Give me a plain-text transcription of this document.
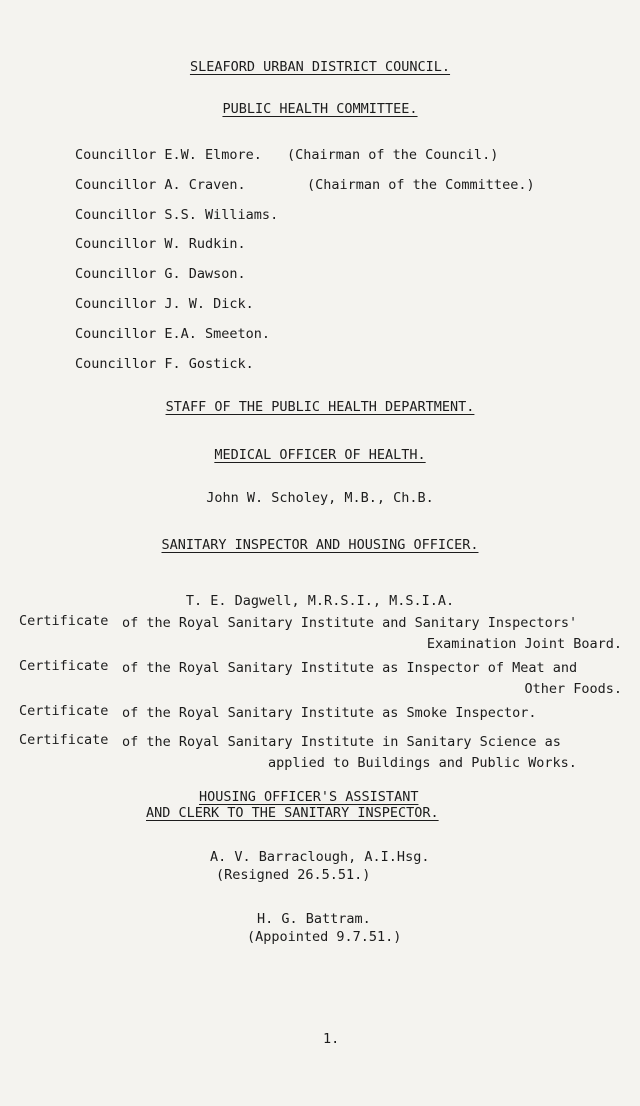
SLEAFORD URBAN DISTRICT COUNCIL.
PUBLIC HEALTH COMMITTEE.
Councillor E.W. Elmore. (Chairman of the Council.)
Councillor A. Craven.	(Chairman of the Committee.)
Councillor S.S. Williams.
Councillor W. Rudkin.
Councillor G. Dawson.
Councillor J. W. Dick.
Councillor E.A. Smeeton.
Councillor F. Gostick.
STAFF OF THE PUBLIC HEALTH DEPARTMENT.
MEDICAL OFFICER OF HEALTH.
John W. Scholey, M.B., Ch.B.
SANITARY INSPECTOR AND HOUSING OFFICER.
T. E. Dagwell, M.R.S.I., M.S.I.A.
Certificate of the Royal Sanitary Institute and Sanitary Inspectors'
Examination Joint Board.
Certificate of the Royal Sanitary Institute as Inspector of Meat and
Other Foods.
Certificate of the Royal Sanitary Institute as Smoke Inspector.
Certificate of the Royal Sanitary Institute in Sanitary Science as
applied to Buildings and Public Works.
HOUSING OFFICER'S ASSISTANT
AND CLERK TO THE SANITARY INSPECTOR.
A. V. Barraclough, A.I.Hsg.
(Resigned 26.5.51.)
H. G. Battram.
(Appointed 9.7.51.)
1.
